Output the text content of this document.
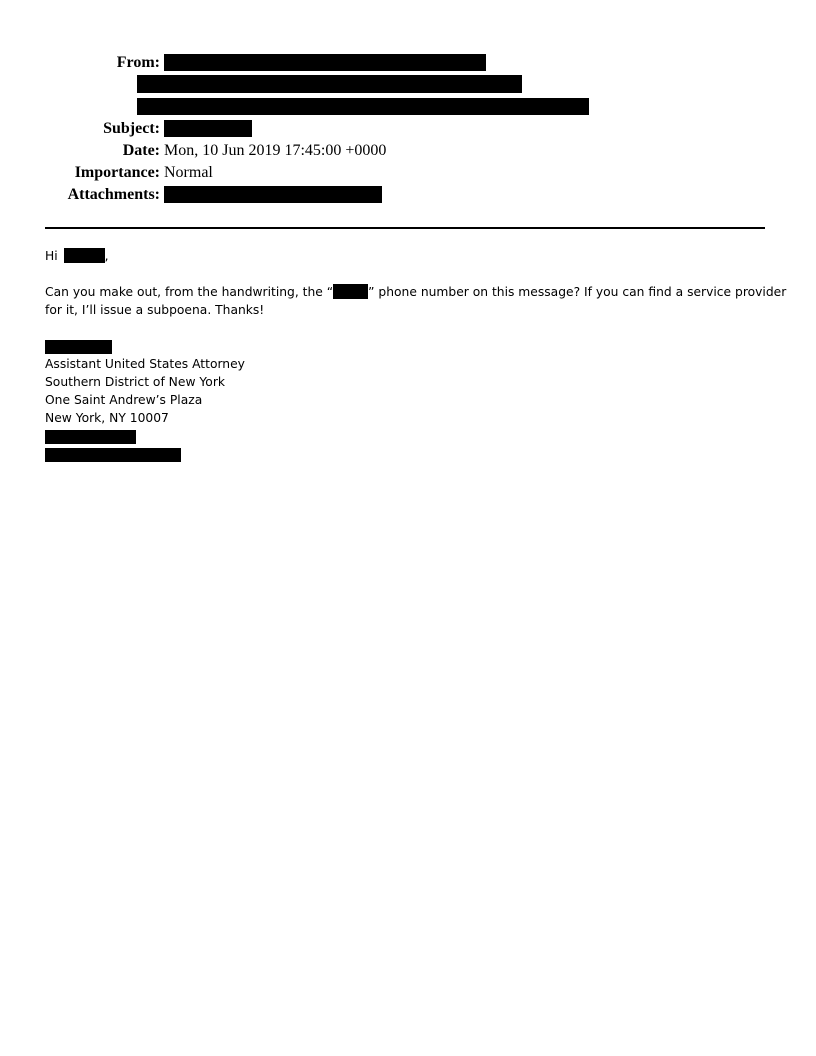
From:
Subject:
Date: Mon, 10 Jun 2019 17:45:00 +0000
Importance: Normal
Attachments:
Hi	,
Can you make out, from the handwriting, the “	” phone number on this message? If you can find a service provider
for it, I’ll issue a subpoena. Thanks!
Assistant United States Attorney
Southern District of New York
One Saint Andrew’s Plaza
New York, NY 10007
